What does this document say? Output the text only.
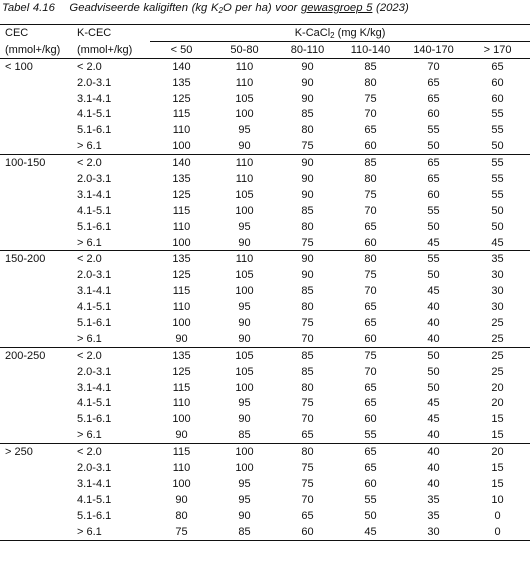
Tabel 4.16 Geadviseerde kaligiften (kg $K_2O$ per ha) voor gewasgroep 5 (2023)
CEC	K-CEC	K-CaCl$_2$ (mg K/kg)					
(mmol+/kg)	(mmol+/kg)	< 50	50-80	80-110	110-140	140-170	> 170
< 100	< 2.0	140	110	90	85	70	65
	2.0-3.1	135	110	90	80	65	60
	3.1-4.1	125	105	90	75	65	60
	4.1-5.1	115	100	85	70	60	55
	5.1-6.1	110	95	80	65	55	55
	> 6.1	100	90	75	60	50	50
100-150	< 2.0	140	110	90	85	65	55
	2.0-3.1	135	110	90	80	65	55
	3.1-4.1	125	105	90	75	60	55
	4.1-5.1	115	100	85	70	55	50
	5.1-6.1	110	95	80	65	50	50
	> 6.1	100	90	75	60	45	45
150-200	< 2.0	135	110	90	80	55	35
	2.0-3.1	125	105	90	75	50	30
	3.1-4.1	115	100	85	70	45	30
	4.1-5.1	110	95	80	65	40	30
	5.1-6.1	100	90	75	65	40	25
	> 6.1	90	90	70	60	40	25
200-250	< 2.0	135	105	85	75	50	25
	2.0-3.1	125	105	85	70	50	25
	3.1-4.1	115	100	80	65	50	20
	4.1-5.1	110	95	75	65	45	20
	5.1-6.1	100	90	70	60	45	15
	> 6.1	90	85	65	55	40	15
> 250	< 2.0	115	100	80	65	40	20
	2.0-3.1	110	100	75	65	40	15
	3.1-4.1	100	95	75	60	40	15
	4.1-5.1	90	95	70	55	35	10
	5.1-6.1	80	90	65	50	35	0
	> 6.1	75	85	60	45	30	0
